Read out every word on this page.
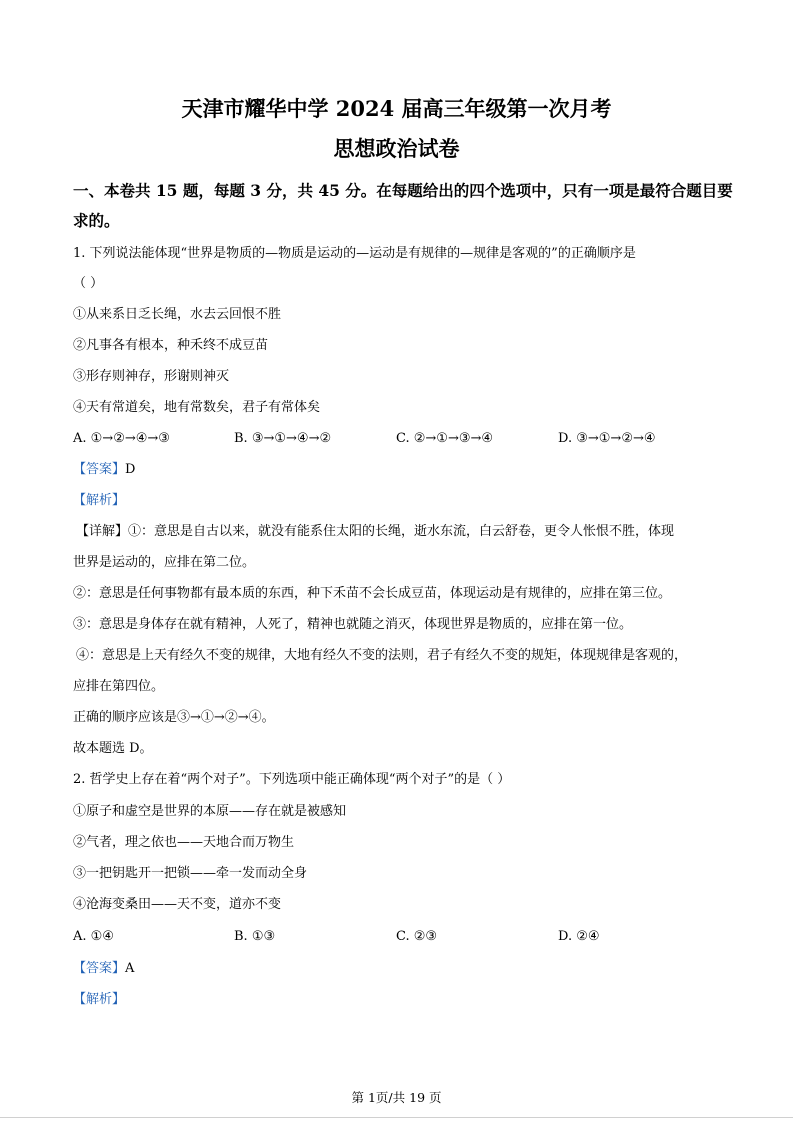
天津市耀华中学 2024 届高三年级第一次月考
思想政治试卷
一、本卷共 15 题，每题 3 分，共 45 分。在每题给出的四个选项中，只有一项是最符合题目要
求的。
1. 下列说法能体现“世界是物质的—物质是运动的—运动是有规律的—规律是客观的”的正确顺序是
（ ）
①从来系日乏长绳，水去云回恨不胜
②凡事各有根本，种禾终不成豆苗
③形存则神存，形谢则神灭
④天有常道矣，地有常数矣，君子有常体矣
A. ①→②→④→③	B. ③→①→④→②	C. ②→①→③→④	D. ③→①→②→④
【答案】D
【解析】
【详解】①：意思是自古以来，就没有能系住太阳的长绳，逝水东流，白云舒卷，更令人怅恨不胜，体现
世界是运动的，应排在第二位。
②：意思是任何事物都有最本质的东西，种下禾苗不会长成豆苗，体现运动是有规律的，应排在第三位。
③：意思是身体存在就有精神，人死了，精神也就随之消灭，体现世界是物质的，应排在第一位。
④：意思是上天有经久不变的规律，大地有经久不变的法则，君子有经久不变的规矩，体现规律是客观的，
应排在第四位。
正确的顺序应该是③→①→②→④。
故本题选 D。
2. 哲学史上存在着“两个对子”。下列选项中能正确体现“两个对子”的是（ ）
①原子和虚空是世界的本原——存在就是被感知
②气者，理之依也——天地合而万物生
③一把钥匙开一把锁——牵一发而动全身
④沧海变桑田——天不变，道亦不变
A. ①④	B. ①③	C. ②③	D. ②④
【答案】A
【解析】
第 1页/共 19 页
